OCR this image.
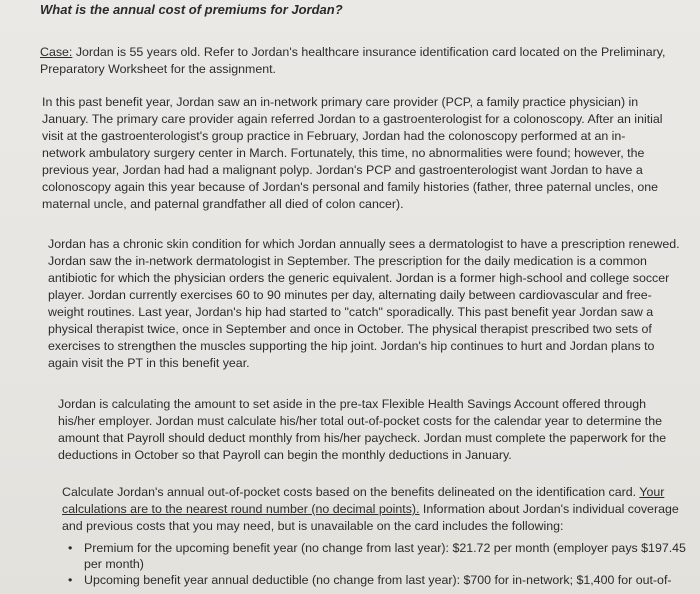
What is the annual cost of premiums for Jordan?
Case: Jordan is 55 years old. Refer to Jordan's healthcare insurance identification card located on the Preliminary,
Preparatory Worksheet for the assignment.
In this past benefit year, Jordan saw an in-network primary care provider (PCP, a family practice physician) in
January. The primary care provider again referred Jordan to a gastroenterologist for a colonoscopy. After an initial
visit at the gastroenterologist's group practice in February, Jordan had the colonoscopy performed at an in-
network ambulatory surgery center in March. Fortunately, this time, no abnormalities were found; however, the
previous year, Jordan had had a malignant polyp. Jordan's PCP and gastroenterologist want Jordan to have a
colonoscopy again this year because of Jordan's personal and family histories (father, three paternal uncles, one
maternal uncle, and paternal grandfather all died of colon cancer).
Jordan has a chronic skin condition for which Jordan annually sees a dermatologist to have a prescription renewed.
Jordan saw the in-network dermatologist in September. The prescription for the daily medication is a common
antibiotic for which the physician orders the generic equivalent. Jordan is a former high-school and college soccer
player. Jordan currently exercises 60 to 90 minutes per day, alternating daily between cardiovascular and free-
weight routines. Last year, Jordan's hip had started to "catch" sporadically. This past benefit year Jordan saw a
physical therapist twice, once in September and once in October. The physical therapist prescribed two sets of
exercises to strengthen the muscles supporting the hip joint. Jordan's hip continues to hurt and Jordan plans to
again visit the PT in this benefit year.
Jordan is calculating the amount to set aside in the pre-tax Flexible Health Savings Account offered through
his/her employer. Jordan must calculate his/her total out-of-pocket costs for the calendar year to determine the
amount that Payroll should deduct monthly from his/her paycheck. Jordan must complete the paperwork for the
deductions in October so that Payroll can begin the monthly deductions in January.
Calculate Jordan's annual out-of-pocket costs based on the benefits delineated on the identification card. Your
calculations are to the nearest round number (no decimal points). Information about Jordan's individual coverage
and previous costs that you may need, but is unavailable on the card includes the following:
• Premium for the upcoming benefit year (no change from last year): $21.72 per month (employer pays $197.45
per month)
• Upcoming benefit year annual deductible (no change from last year): $700 for in-network; $1,400 for out-of-
